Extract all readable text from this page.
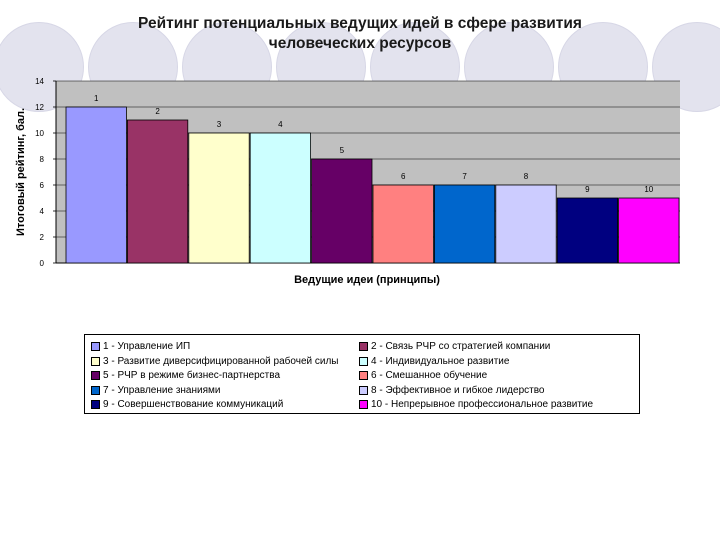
Рейтинг потенциальных ведущих идей в сфере развития человеческих ресурсов
0
2
4
6
8
10
12
14
1
2
3	4
5
6	7	8
9	10
Итоговый рейтинг, бал.
Ведущие идеи (принципы)
1 - Управление ИП	2 - Связь РЧР со стратегией компании
3 - Развитие диверсифицированной рабочей силы	4 - Индивидуальное развитие
5 - РЧР в режиме бизнес-партнерства	6 - Смешанное обучение
7 - Управление знаниями	8 - Эффективное и гибкое лидерство
9 - Совершенствование коммуникаций	10 - Непрерывное профессиональное развитие
